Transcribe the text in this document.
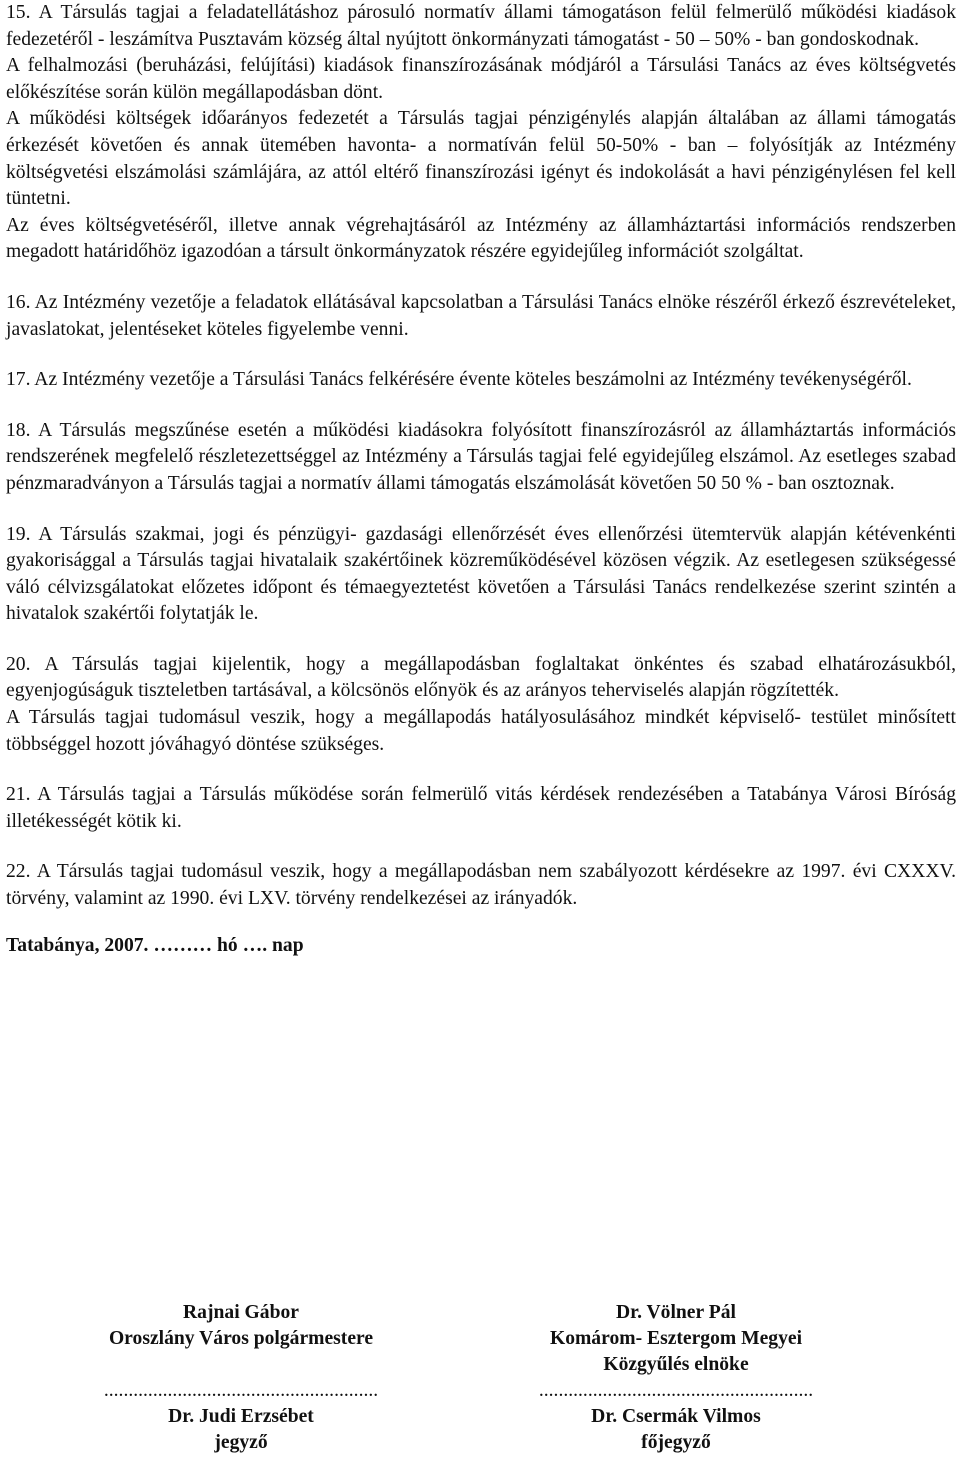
15. A Társulás tagjai a feladatellátáshoz párosuló normatív állami támogatáson felül felmerülő működési kiadások fedezetéről - leszámítva Pusztavám község által nyújtott önkormányzati támogatást - 50 – 50% - ban gondoskodnak.

A felhalmozási (beruházási, felújítási) kiadások finanszírozásának módjáról a Társulási Tanács az éves költségvetés előkészítése során külön megállapodásban dönt.

A működési költségek időarányos fedezetét a Társulás tagjai pénzigénylés alapján általában az állami támogatás érkezését követően és annak ütemében havonta- a normatíván felül 50-50% - ban – folyósítják az Intézmény költségvetési elszámolási számlájára, az attól eltérő finanszírozási igényt és indokolását a havi pénzigénylésen fel kell tüntetni.

Az éves költségvetéséről, illetve annak végrehajtásáról az Intézmény az államháztartási információs rendszerben megadott határidőhöz igazodóan a társult önkormányzatok részére egyidejűleg információt szolgáltat.

16. Az Intézmény vezetője a feladatok ellátásával kapcsolatban a Társulási Tanács elnöke részéről érkező észrevételeket, javaslatokat, jelentéseket köteles figyelembe venni.

17. Az Intézmény vezetője a Társulási Tanács felkérésére évente köteles beszámolni az Intézmény tevékenységéről.

18. A Társulás megszűnése esetén a működési kiadásokra folyósított finanszírozásról az államháztartás információs rendszerének megfelelő részletezettséggel az Intézmény a Társulás tagjai felé egyidejűleg elszámol. Az esetleges szabad pénzmaradványon a Társulás tagjai a normatív állami támogatás elszámolását követően 50 50 % - ban osztoznak.

19. A Társulás szakmai, jogi és pénzügyi- gazdasági ellenőrzését éves ellenőrzési ütemtervük alapján kétévenkénti gyakorisággal a Társulás tagjai hivatalaik szakértőinek közreműködésével közösen végzik. Az esetlegesen szükségessé váló célvizsgálatokat előzetes időpont és témaegyeztetést követően a Társulási Tanács rendelkezése szerint szintén a hivatalok szakértői folytatják le.

20. A Társulás tagjai kijelentik, hogy a megállapodásban foglaltakat önkéntes és szabad elhatározásukból, egyenjogúságuk tiszteletben tartásával, a kölcsönös előnyök és az arányos teherviselés alapján rögzítették.

A Társulás tagjai tudomásul veszik, hogy a megállapodás hatályosulásához mindkét képviselő- testület minősített többséggel hozott jóváhagyó döntése szükséges.

21. A Társulás tagjai a Társulás működése során felmerülő vitás kérdések rendezésében a Tatabánya Városi Bíróság illetékességét kötik ki.

22. A Társulás tagjai tudomásul veszik, hogy a megállapodásban nem szabályozott kérdésekre az 1997. évi CXXXV. törvény, valamint az 1990. évi LXV. törvény rendelkezései az irányadók.

Tatabánya, 2007. ……… hó …. nap
Rajnai Gábor
Oroszlány Város polgármestere
........................................................
Dr. Judi Erzsébet
jegyző
Dr. Völner Pál
Komárom- Esztergom Megyei
Közgyűlés elnöke
........................................................
Dr. Csermák Vilmos
főjegyző
